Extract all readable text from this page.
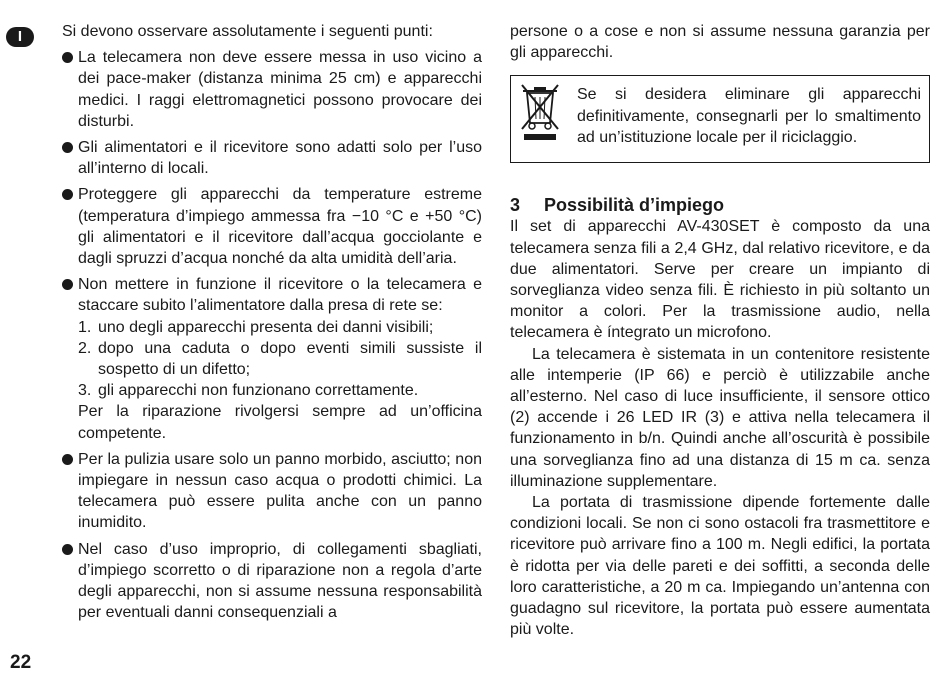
I	Si devono osservare assolutamente i seguenti punti:

La telecamera non deve essere messa in uso vicino a dei pace-maker (distanza minima 25 cm) e apparecchi medici. I raggi elettromagnetici possono provocare dei disturbi.
Gli alimentatori e il ricevitore sono adatti solo per l’uso all’interno di locali.
Proteggere gli apparecchi da temperature estreme (temperatura d’impiego ammessa fra −10 °C e +50 °C) gli alimentatori e il ricevitore dall’acqua gocciolante e dagli spruzzi d’acqua nonché da alta umidità dell’aria.
Non mettere in funzione il ricevitore o la telecamera e staccare subito l’alimentatore dalla presa di rete se:
1. uno degli apparecchi presenta dei danni visibili;
2. dopo una caduta o dopo eventi simili sussiste il sospetto di un difetto;
3. gli apparecchi non funzionano correttamente.
Per la riparazione rivolgersi sempre ad un’officina competente.
Per la pulizia usare solo un panno morbido, asciutto; non impiegare in nessun caso acqua o prodotti chimici. La telecamera può essere pulita anche con un panno inumidito.
Nel caso d’uso improprio, di collegamenti sbagliati, d’impiego scorretto o di riparazione non a regola d’arte degli apparecchi, non si assume nessuna responsabilità per eventuali danni consequenziali a

persone o a cose e non si assume nessuna garanzia per gli apparecchi.

Se si desidera eliminare gli apparecchi definitivamente, consegnarli per lo smaltimento ad un’istituzione locale per il riciclaggio.

3 Possibilità d’impiego

Il set di apparecchi AV-430SET è composto da una telecamera senza fili a 2,4 GHz, dal relativo ricevitore, e da due alimentatori. Serve per creare un impianto di sorveglianza video senza fili. È richiesto in più soltanto un monitor a colori. Per la trasmissione audio, nella telecamera è íntegrato un microfono.

La telecamera è sistemata in un contenitore resistente alle intemperie (IP 66) e perciò è utilizzabile anche all’esterno. Nel caso di luce insufficiente, il sensore ottico (2) accende i 26 LED IR (3) e attiva nella telecamera il funzionamento in b/n. Quindi anche all’oscurità è possibile una sorveglianza fino ad una distanza di 15 m ca. senza illuminazione supplementare.

La portata di trasmissione dipende fortemente dalle condizioni locali. Se non ci sono ostacoli fra trasmettitore e ricevitore può arrivare fino a 100 m. Negli edifici, la portata è ridotta per via delle pareti e dei soffitti, a seconda delle loro caratteristiche, a 20 m ca. Impiegando un’antenna con guadagno sul ricevitore, la portata può essere aumentata più volte.

22
